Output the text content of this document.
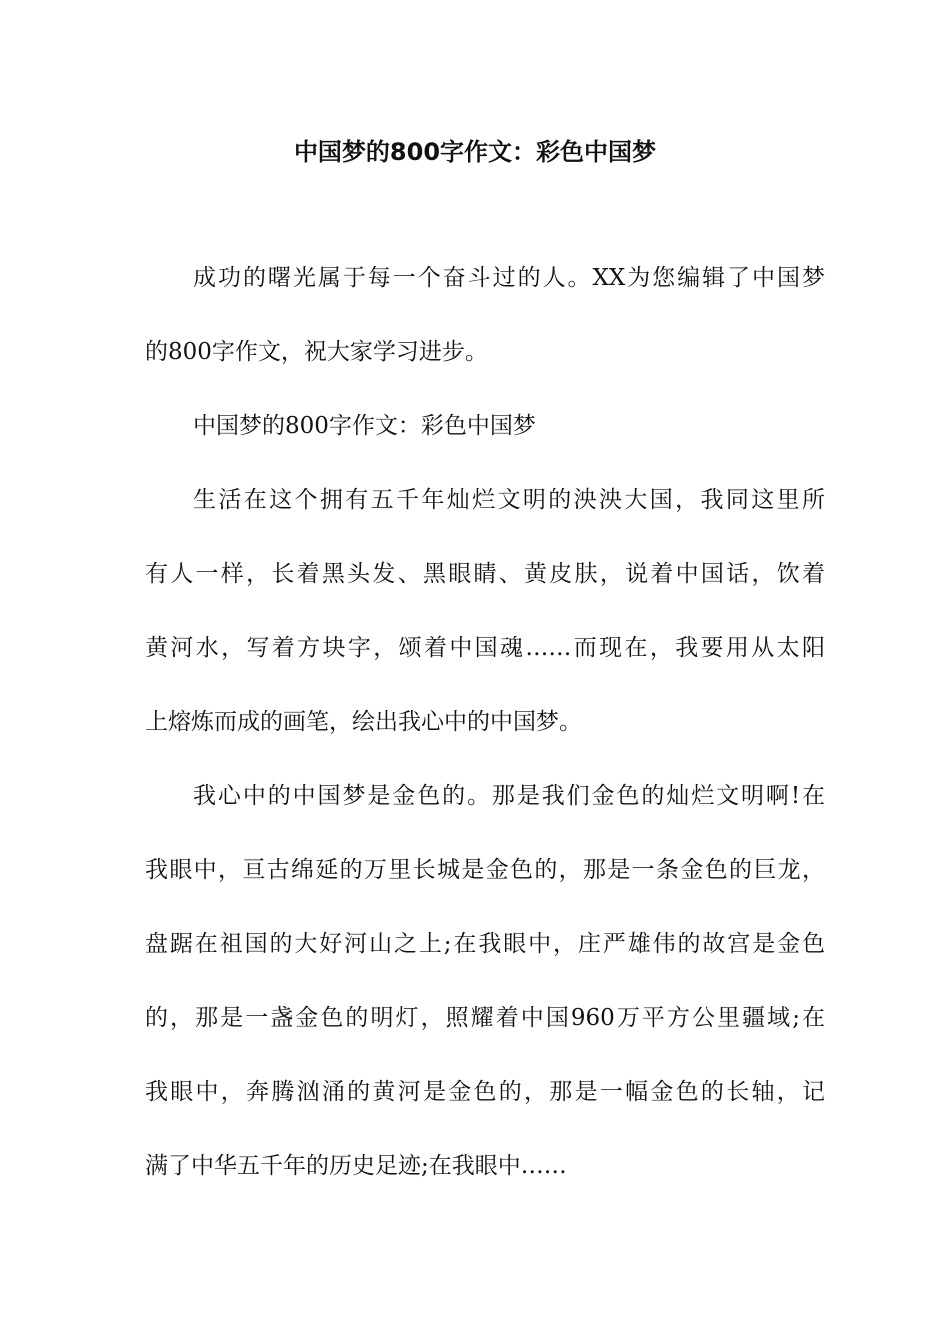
中国梦的800字作文：彩色中国梦

成功的曙光属于每一个奋斗过的人。XX为您编辑了中国梦

的800字作文，祝大家学习进步。

中国梦的800字作文：彩色中国梦

生活在这个拥有五千年灿烂文明的泱泱大国，我同这里所

有人一样，长着黑头发、黑眼睛、黄皮肤，说着中国话，饮着

黄河水，写着方块字，颂着中国魂……而现在，我要用从太阳

上熔炼而成的画笔，绘出我心中的中国梦。

我心中的中国梦是金色的。那是我们金色的灿烂文明啊!在

我眼中，亘古绵延的万里长城是金色的，那是一条金色的巨龙，

盘踞在祖国的大好河山之上;在我眼中，庄严雄伟的故宫是金色

的，那是一盏金色的明灯，照耀着中国960万平方公里疆域;在

我眼中，奔腾汹涌的黄河是金色的，那是一幅金色的长轴，记

满了中华五千年的历史足迹;在我眼中……
